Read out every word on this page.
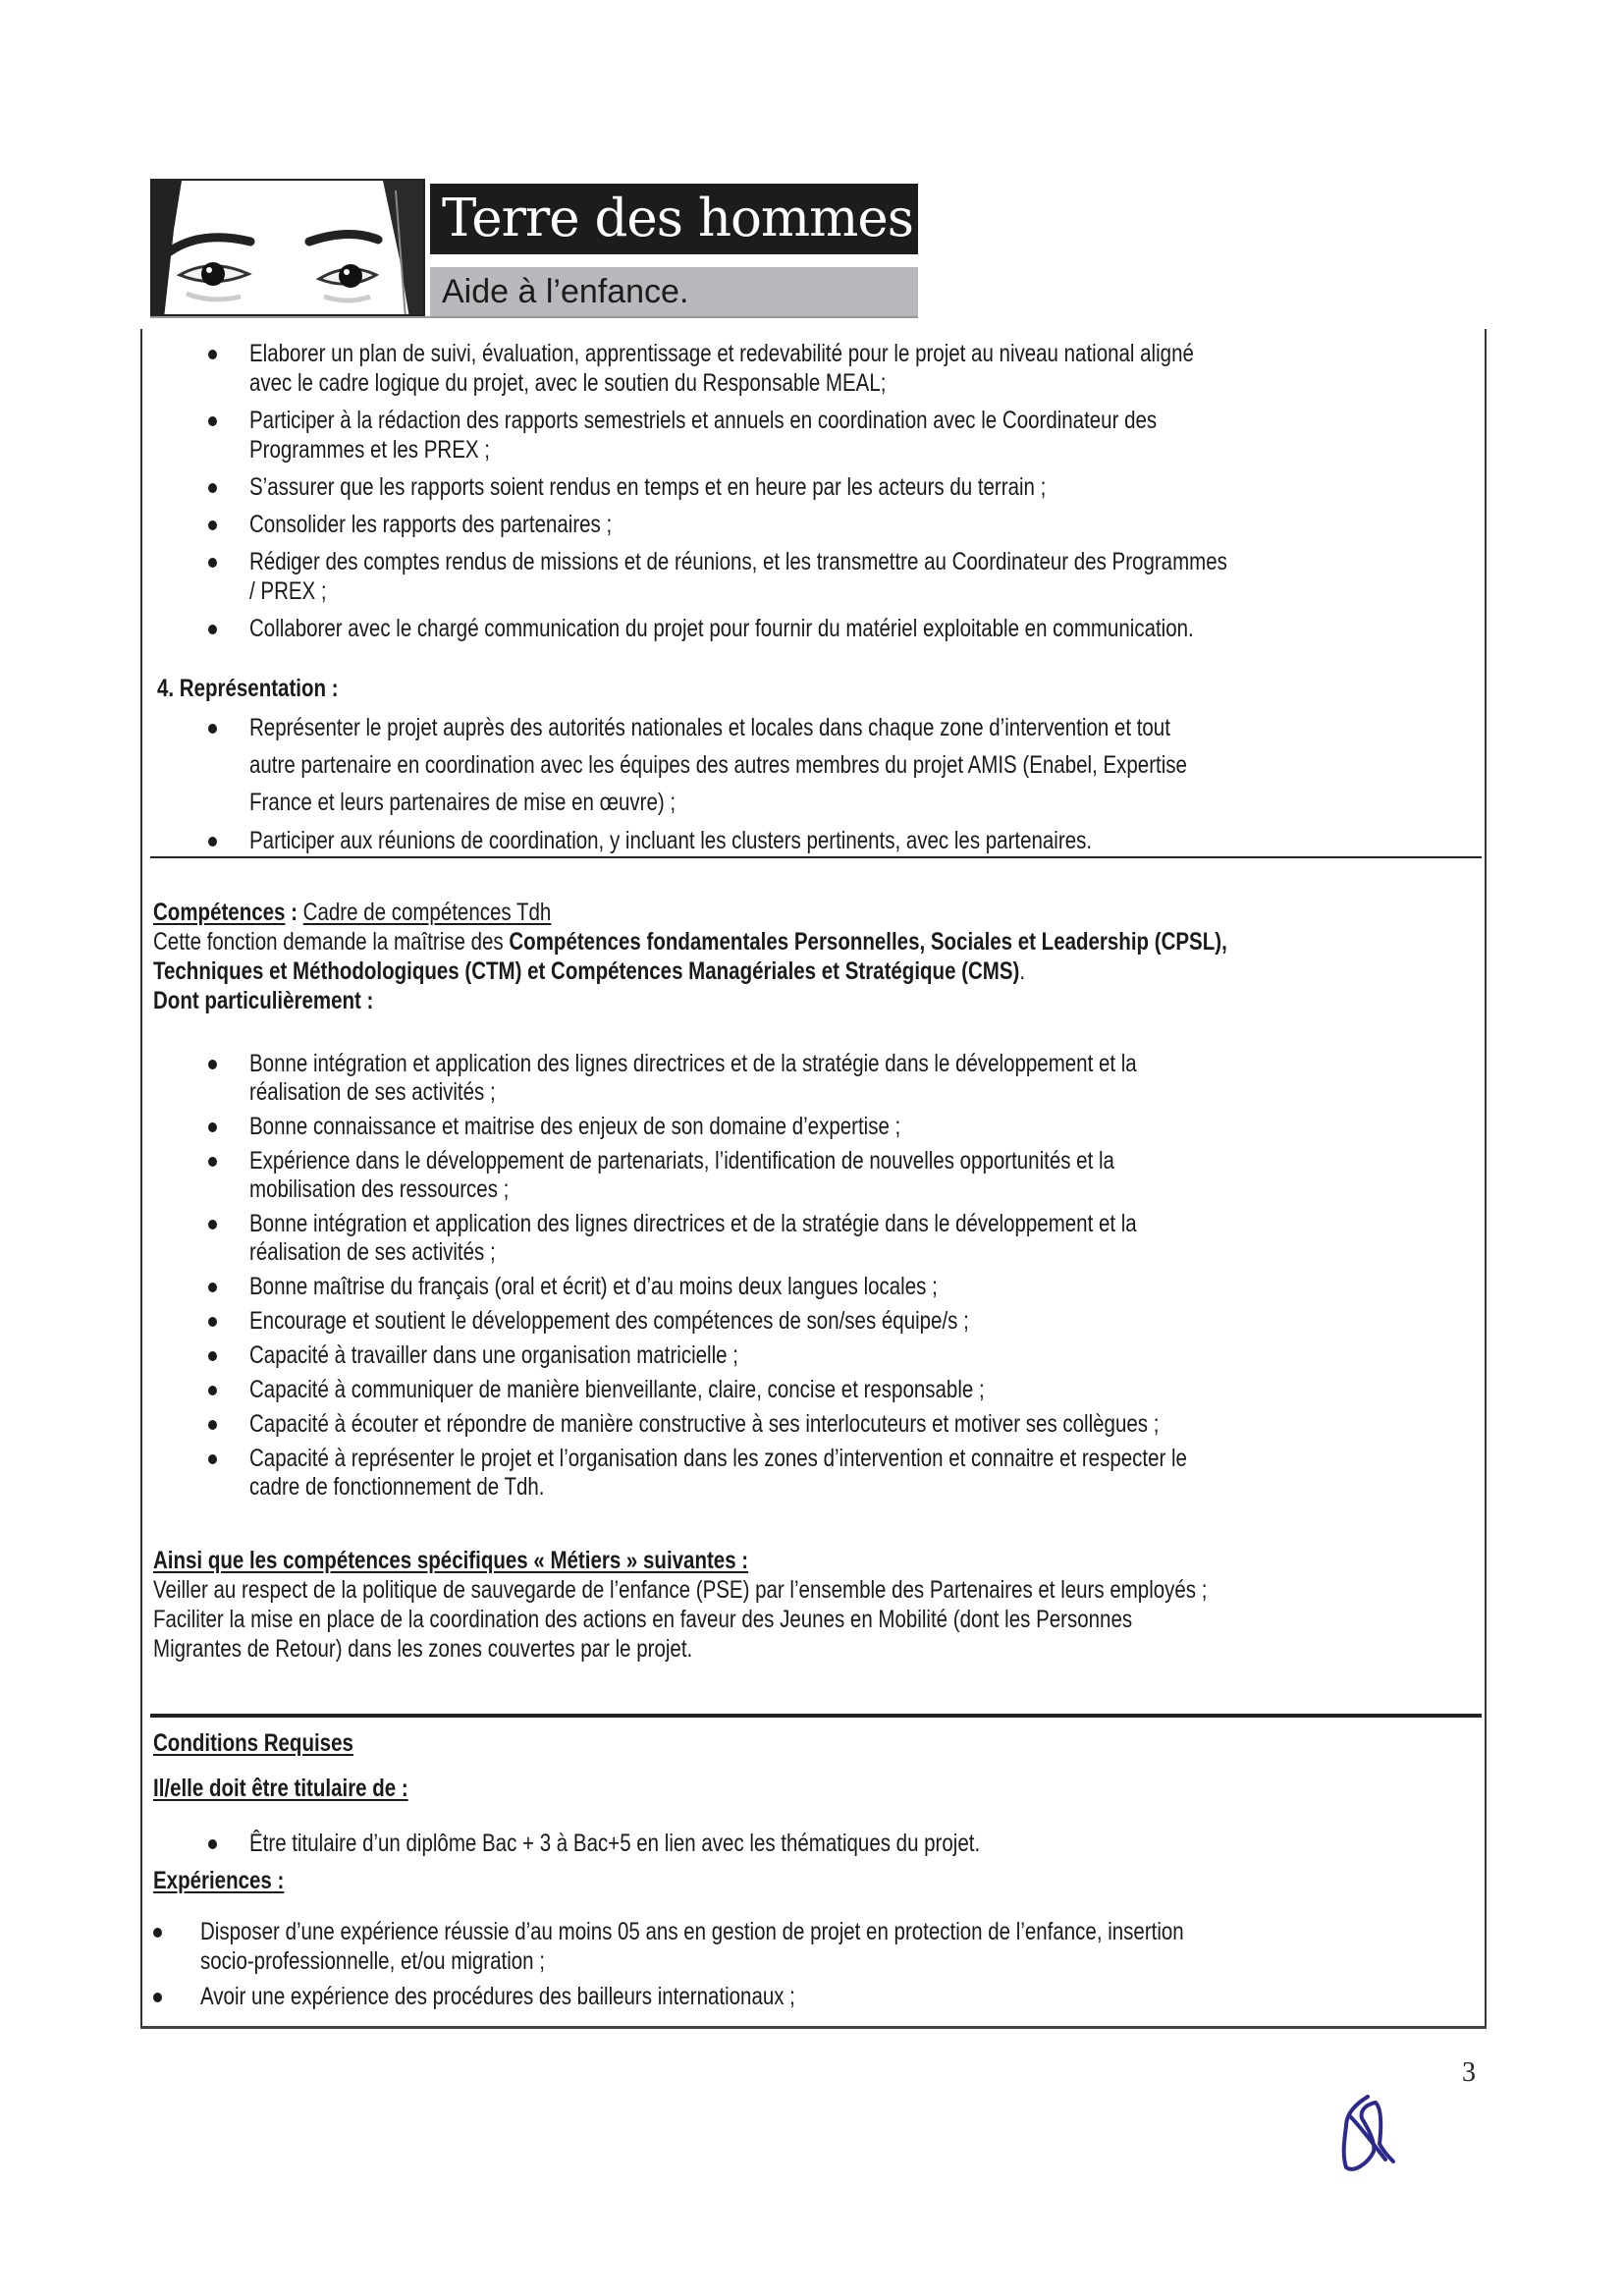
Terre des hommes
Aide à l’enfance.
Elaborer un plan de suivi, évaluation, apprentissage et redevabilité pour le projet au niveau national aligné
avec le cadre logique du projet, avec le soutien du Responsable MEAL;
Participer à la rédaction des rapports semestriels et annuels en coordination avec le Coordinateur des
Programmes et les PREX ;
S’assurer que les rapports soient rendus en temps et en heure par les acteurs du terrain ;
Consolider les rapports des partenaires ;
Rédiger des comptes rendus de missions et de réunions, et les transmettre au Coordinateur des Programmes
/ PREX ;
Collaborer avec le chargé communication du projet pour fournir du matériel exploitable en communication.
4. Représentation :
Représenter le projet auprès des autorités nationales et locales dans chaque zone d’intervention et tout
autre partenaire en coordination avec les équipes des autres membres du projet AMIS (Enabel, Expertise
France et leurs partenaires de mise en œuvre) ;
Participer aux réunions de coordination, y incluant les clusters pertinents, avec les partenaires.
Compétences : Cadre de compétences Tdh
Cette fonction demande la maîtrise des Compétences fondamentales Personnelles, Sociales et Leadership (CPSL),
Techniques et Méthodologiques (CTM) et Compétences Managériales et Stratégique (CMS).
Dont particulièrement :
Bonne intégration et application des lignes directrices et de la stratégie dans le développement et la
réalisation de ses activités ;
Bonne connaissance et maitrise des enjeux de son domaine d’expertise ;
Expérience dans le développement de partenariats, l’identification de nouvelles opportunités et la
mobilisation des ressources ;
Bonne intégration et application des lignes directrices et de la stratégie dans le développement et la
réalisation de ses activités ;
Bonne maîtrise du français (oral et écrit) et d’au moins deux langues locales ;
Encourage et soutient le développement des compétences de son/ses équipe/s ;
Capacité à travailler dans une organisation matricielle ;
Capacité à communiquer de manière bienveillante, claire, concise et responsable ;
Capacité à écouter et répondre de manière constructive à ses interlocuteurs et motiver ses collègues ;
Capacité à représenter le projet et l’organisation dans les zones d’intervention et connaitre et respecter le
cadre de fonctionnement de Tdh.
Ainsi que les compétences spécifiques « Métiers » suivantes :
Veiller au respect de la politique de sauvegarde de l’enfance (PSE) par l’ensemble des Partenaires et leurs employés ;
Faciliter la mise en place de la coordination des actions en faveur des Jeunes en Mobilité (dont les Personnes
Migrantes de Retour) dans les zones couvertes par le projet.
Conditions Requises
Il/elle doit être titulaire de :
Être titulaire d’un diplôme Bac + 3 à Bac+5 en lien avec les thématiques du projet.
Expériences :
Disposer d’une expérience réussie d’au moins 05 ans en gestion de projet en protection de l’enfance, insertion
socio-professionnelle, et/ou migration ;
Avoir une expérience des procédures des bailleurs internationaux ;
3
